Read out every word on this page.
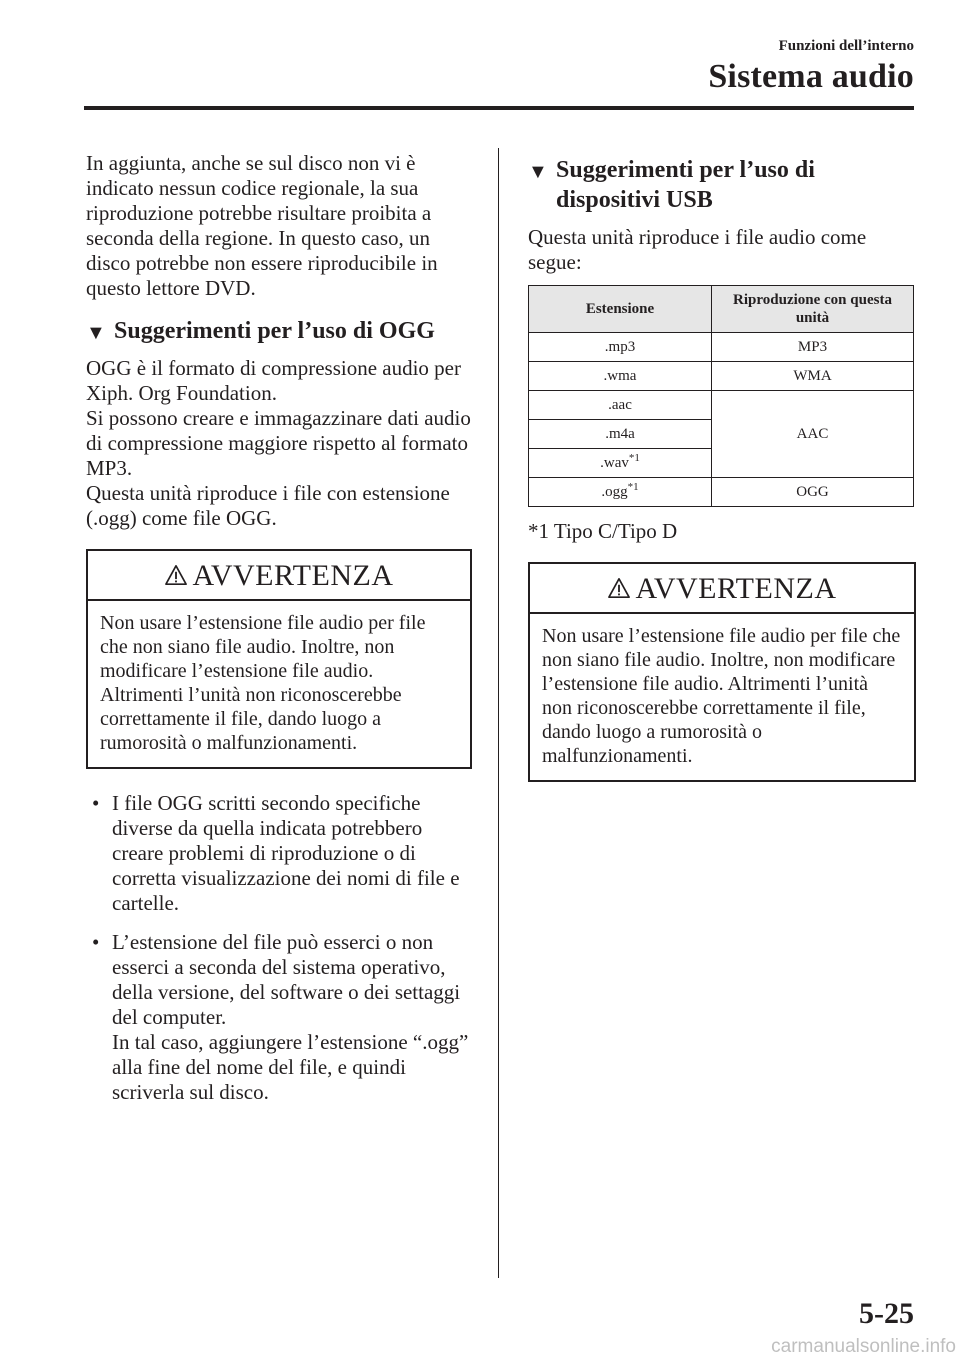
Funzioni dell’interno
Sistema audio

In aggiunta, anche se sul disco non vi è indicato nessun codice regionale, la sua riproduzione potrebbe risultare proibita a seconda della regione. In questo caso, un disco potrebbe non essere riproducibile in questo lettore DVD.

▼ Suggerimenti per l’uso di OGG

OGG è il formato di compressione audio per Xiph. Org Foundation.

Si possono creare e immagazzinare dati audio di compressione maggiore rispetto al formato MP3.

Questa unità riproduce i file con estensione (.ogg) come file OGG.

AVVERTENZA
Non usare l’estensione file audio per file che non siano file audio. Inoltre, non modificare l’estensione file audio. Altrimenti l’unità non riconoscerebbe correttamente il file, dando luogo a rumorosità o malfunzionamenti.
• I file OGG scritti secondo specifiche diverse da quella indicata potrebbero creare problemi di riproduzione o di corretta visualizzazione dei nomi di file e cartelle.
• L’estensione del file può esserci o non esserci a seconda del sistema operativo, della versione, del software o dei settaggi del computer.
In tal caso, aggiungere l’estensione “.ogg” alla fine del nome del file, e quindi scriverla sul disco.
▼ Suggerimenti per l’uso di dispositivi USB

Questa unità riproduce i file audio come segue:

Estensione	Riproduzione con questa unità
.mp3	MP3
.wma	WMA
.aac	AAC
.m4a	
.wav$^{*1}$
.ogg$^{*1}$	OGG

*1 Tipo C/Tipo D

AVVERTENZA
Non usare l’estensione file audio per file che non siano file audio. Inoltre, non modificare l’estensione file audio. Altrimenti l’unità non riconoscerebbe correttamente il file, dando luogo a rumorosità o malfunzionamenti.
5-25
carmanualsonline.info
